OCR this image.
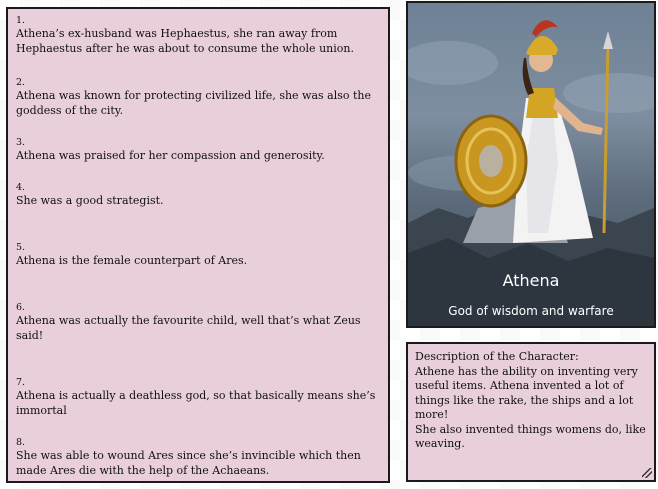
1.
Athena’s ex-husband was Hephaestus, she ran away from Hephaestus after he was about to consume the whole union.
2.
Athena was known for protecting civilized life, she was also the goddess of the city.
3.
Athena was praised for her compassion and generosity.
4.
She was a good strategist.
5.
Athena is the female counterpart of Ares.
6.
Athena was actually the favourite child, well that’s what Zeus said!
7.
Athena is actually a deathless god, so that basically means she’s immortal
8.
She was able to wound Ares since she’s invincible which then made Ares die with the help of the Achaeans.
Athena
God of wisdom and warfare
Description of the Character:
Athene has the ability on inventing very useful items. Athena invented a lot of things like the rake, the ships and a lot more!
She also invented things womens do, like weaving.
